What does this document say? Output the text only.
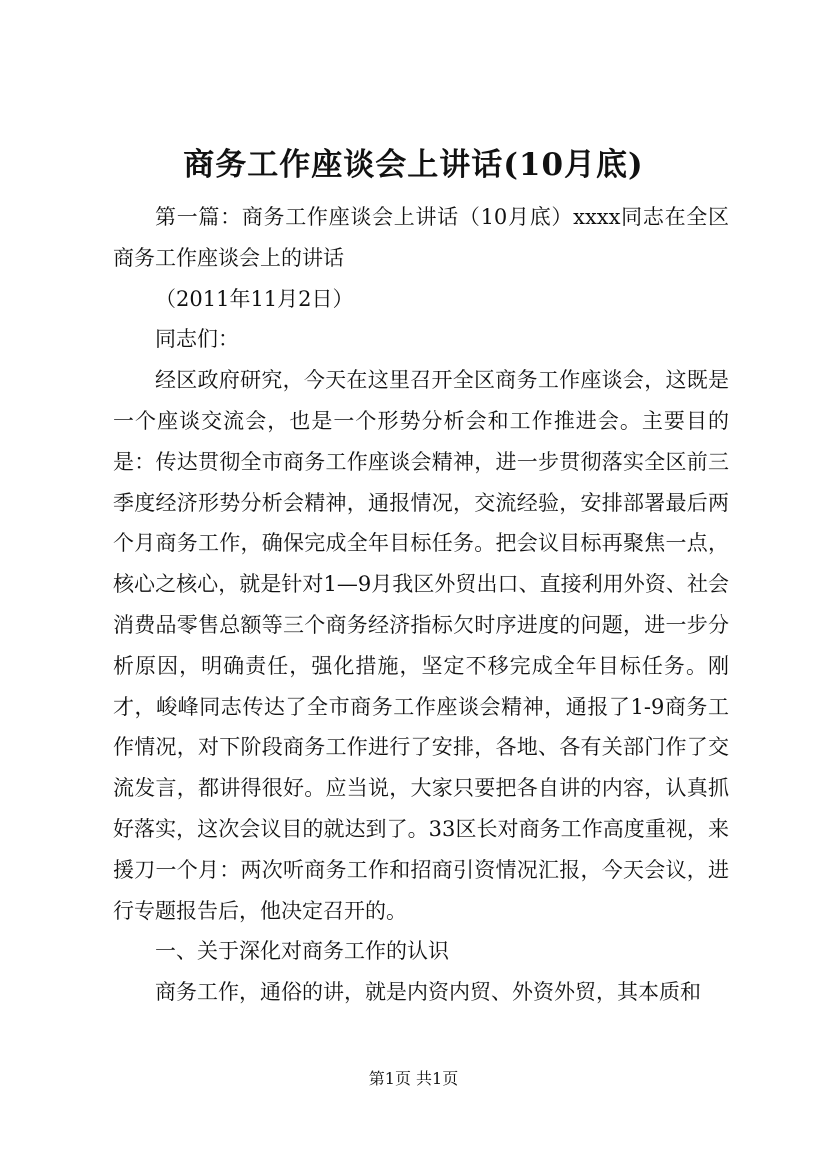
商务工作座谈会上讲话(10月底)

第一篇：商务工作座谈会上讲话（10月底）xxxx同志在全区商务工作座谈会上的讲话

（2011年11月2日）

同志们：

经区政府研究，今天在这里召开全区商务工作座谈会，这既是一个座谈交流会，也是一个形势分析会和工作推进会。主要目的是：传达贯彻全市商务工作座谈会精神，进一步贯彻落实全区前三季度经济形势分析会精神，通报情况，交流经验，安排部署最后两个月商务工作，确保完成全年目标任务。把会议目标再聚焦一点，核心之核心，就是针对1—9月我区外贸出口、直接利用外资、社会消费品零售总额等三个商务经济指标欠时序进度的问题，进一步分析原因，明确责任，强化措施，坚定不移完成全年目标任务。刚才，峻峰同志传达了全市商务工作座谈会精神，通报了1-9商务工作情况，对下阶段商务工作进行了安排，各地、各有关部门作了交流发言，都讲得很好。应当说，大家只要把各自讲的内容，认真抓好落实，这次会议目的就达到了。33区长对商务工作高度重视，来援刀一个月：两次听商务工作和招商引资情况汇报，今天会议，进行专题报告后，他决定召开的。

一、关于深化对商务工作的认识

商务工作，通俗的讲，就是内资内贸、外资外贸，其本质和

第1页 共1页
